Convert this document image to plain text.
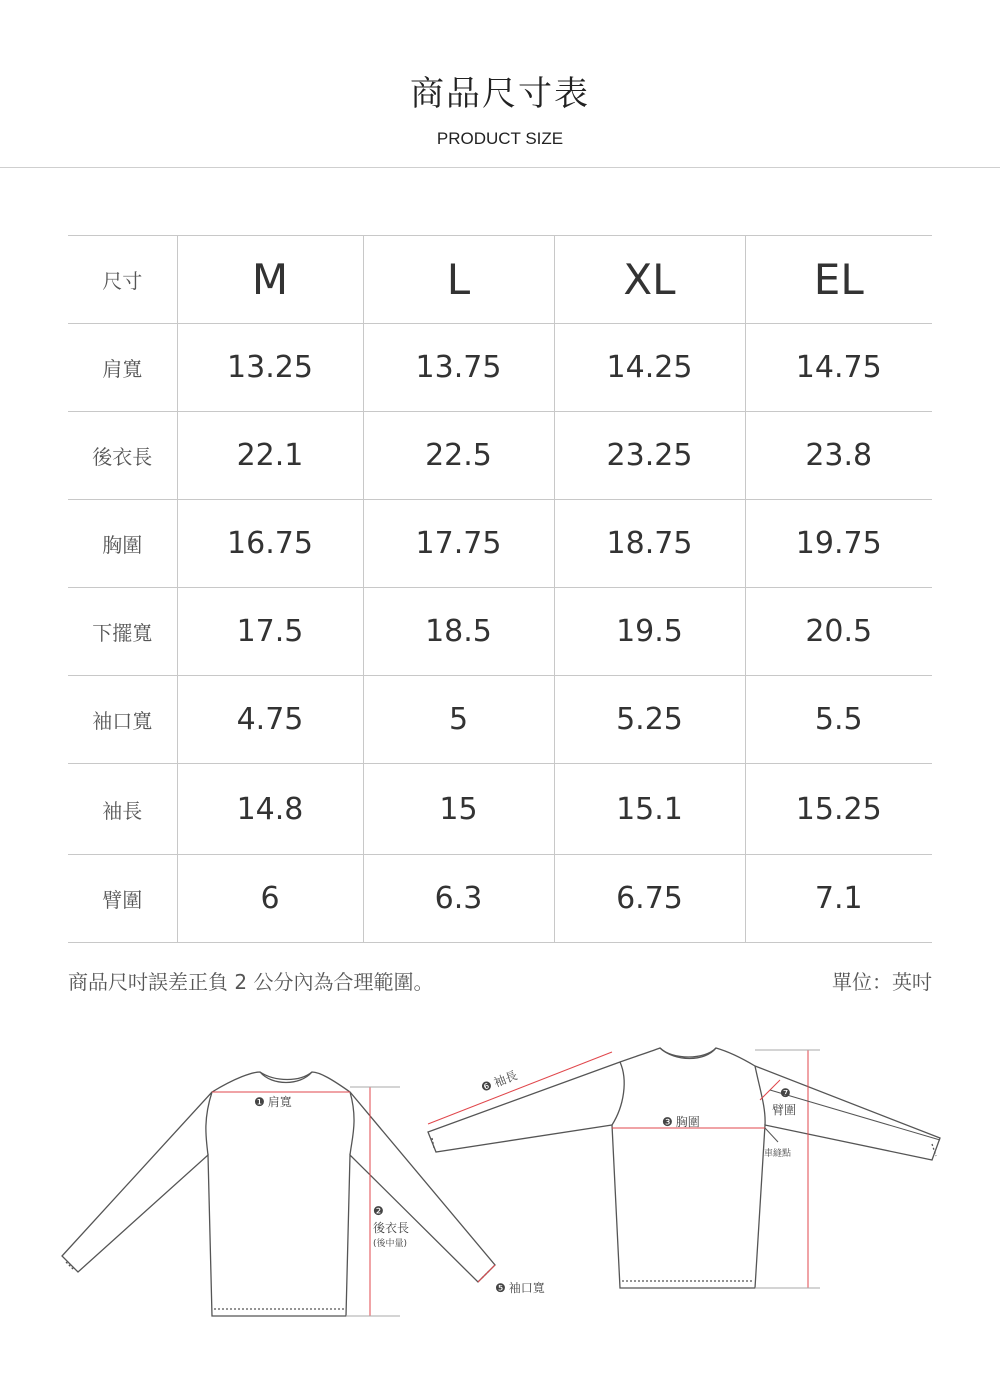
商品尺寸表
PRODUCT SIZE
尺寸	M	L	XL	EL
肩寬	13.25	13.75	14.25	14.75
後衣長	22.1	22.5	23.25	23.8
胸圍	16.75	17.75	18.75	19.75
下擺寬	17.5	18.5	19.5	20.5
袖口寬	4.75	5	5.25	5.5
袖長	14.8	15	15.1	15.25
臂圍	6	6.3	6.75	7.1
商品尺吋誤差正負 2 公分內為合理範圍。	單位：英吋
❶ 肩寬
❷
後衣長
(後中量)
❺ 袖口寬
❻袖長
❸ 胸圍
❼
臂圍
車縫點
